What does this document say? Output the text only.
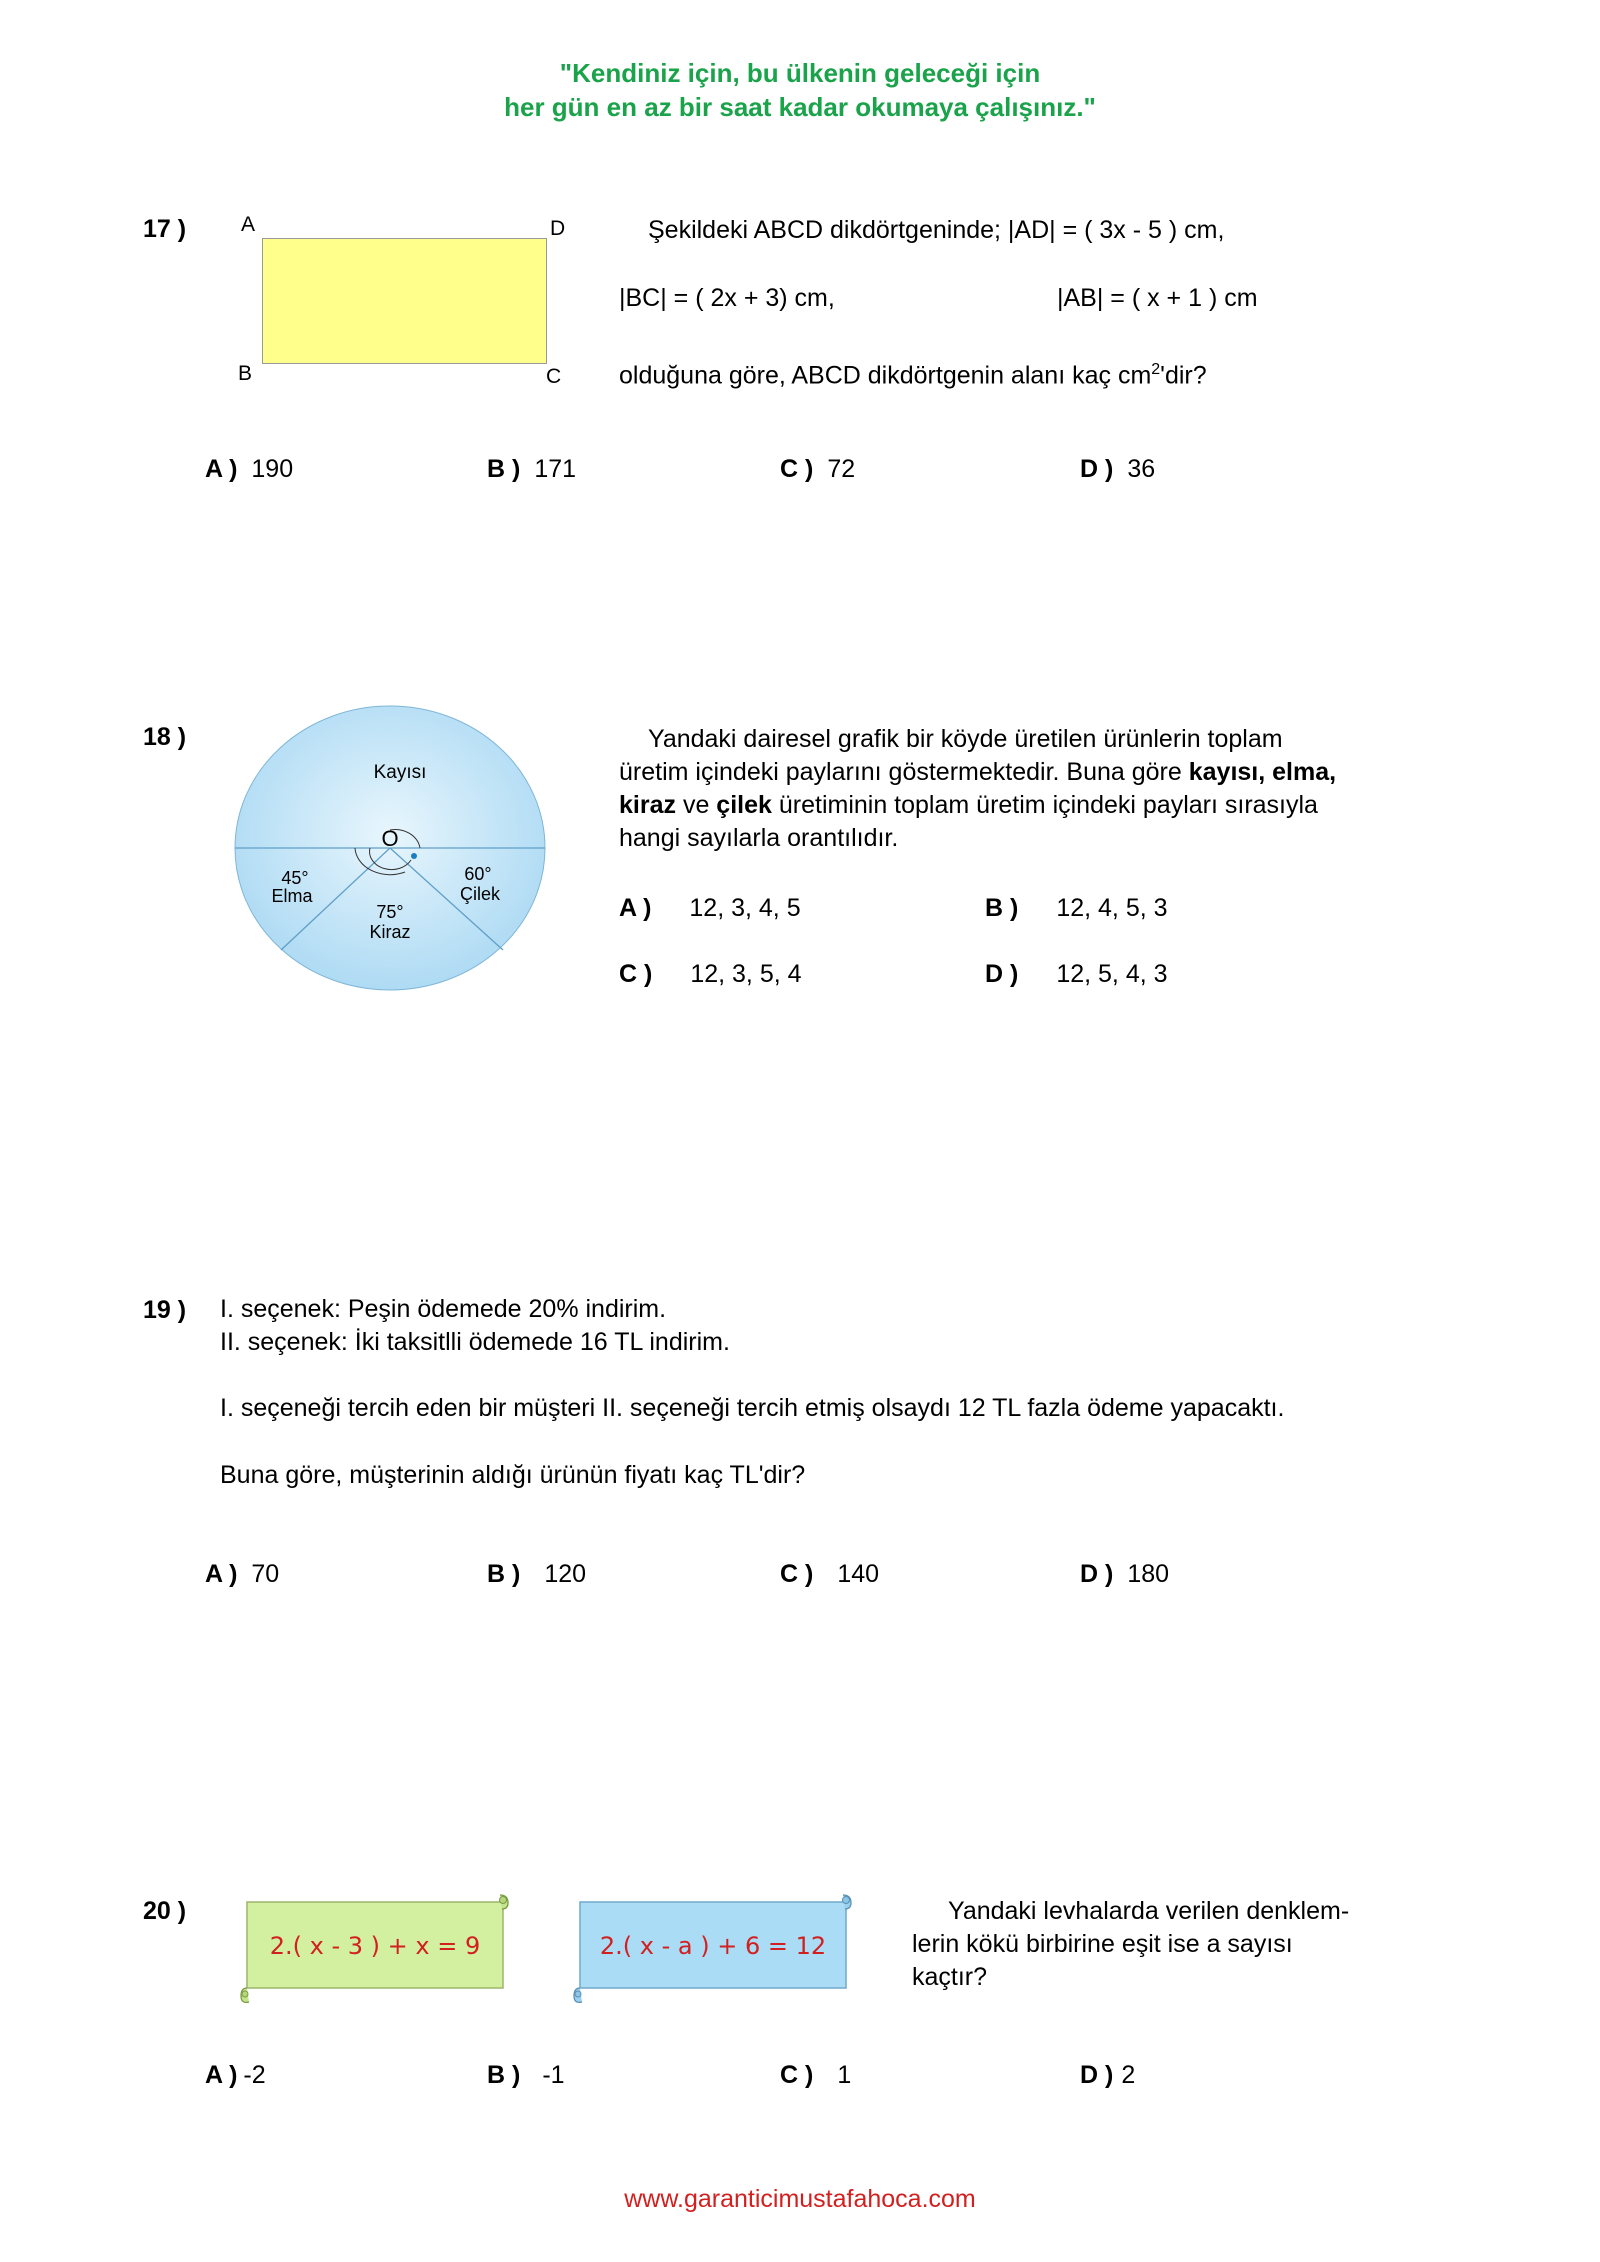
"Kendiniz için, bu ülkenin geleceği için
her gün en az bir saat kadar okumaya çalışınız."
17 )	A	D
B	C
Şekildeki ABCD dikdörtgeninde; |AD| = ( 3x - 5 ) cm,
|BC| = ( 2x + 3) cm,	|AB| = ( x + 1 ) cm
olduğuna göre, ABCD dikdörtgenin alanı kaç $cm^2'dir$?
A ) 190	B ) 171	C ) 72	D ) 36
18 )
O
Kayısı
45°
Elma
75°
Kiraz
60°
Çilek
Yandaki dairesel grafik bir köyde üretilen ürünlerin toplam
üretim içindeki paylarını göstermektedir. Buna göre kayısı, elma,
kiraz ve çilek üretiminin toplam üretim içindeki payları sırasıyla
hangi sayılarla orantılıdır.
A ) 12, 3, 4, 5	B ) 12, 4, 5, 3
C ) 12, 3, 5, 4	D ) 12, 5, 4, 3
19 ) I. seçenek: Peşin ödemede 20% indirim.
II. seçenek: İki taksitlli ödemede 16 TL indirim.
I. seçeneği tercih eden bir müşteri II. seçeneği tercih etmiş olsaydı 12 TL fazla ödeme yapacaktı.
Buna göre, müşterinin aldığı ürünün fiyatı kaç TL'dir?
A ) 70	B ) 120	C ) 140	D ) 180
20 )
2.( x - 3 ) + x = 9	2.( x - a ) + 6 = 12
Yandaki levhalarda verilen denklem-
lerin kökü birbirine eşit ise a sayısı
kaçtır?
A ) -2	B ) -1	C ) 1	D ) 2
www.garanticimustafahoca.com
